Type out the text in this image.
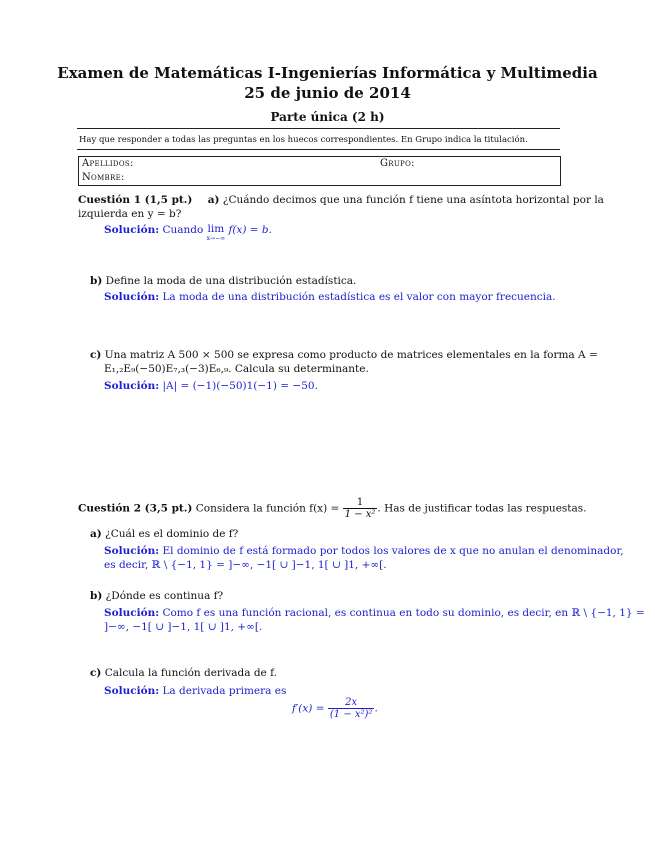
Examen de Matemáticas I-Ingenierías Informática y Multimedia
25 de junio de 2014
Parte única (2 h)
Hay que responder a todas las preguntas en los huecos correspondientes. En Grupo indica la titulación.
Apellidos:	Grupo:
Nombre:
Cuestión 1 (1,5 pt.) a) ¿Cuándo decimos que una función f tiene una asíntota horizontal por la
izquierda en y = b?
Solución: Cuando lim
x→−∞
f(x) = b.
b) Define la moda de una distribución estadística.
Solución: La moda de una distribución estadística es el valor con mayor frecuencia.
c) Una matriz A 500 × 500 se expresa como producto de matrices elementales en la forma A =
E₁,₂E₉(−50)E₇,₃(−3)E₆,₉. Calcula su determinante.
Solución: |A| = (−1)(−50)1(−1) = −50.
Cuestión 2 (3,5 pt.) Considera la función $f(x) = \frac{1}{\text{1 − x²}}$ . Has de justificar todas las respuestas.
a) ¿Cuál es el dominio de f?
Solución: El dominio de f está formado por todos los valores de x que no anulan el denominador,
es decir, ℝ \ {−1, 1} = ]−∞, −1[ ∪ ]−1, 1[ ∪ ]1, +∞[.
b) ¿Dónde es continua f?
Solución: Como f es una función racional, es continua en todo su dominio, es decir, en ℝ \ {−1, 1} =
]−∞, −1[ ∪ ]−1, 1[ ∪ ]1, +∞[.
c) Calcula la función derivada de f.
Solución: La derivada primera es
$f'(x) = \frac{2x}{\text{(1 − x²)²}}$ .
